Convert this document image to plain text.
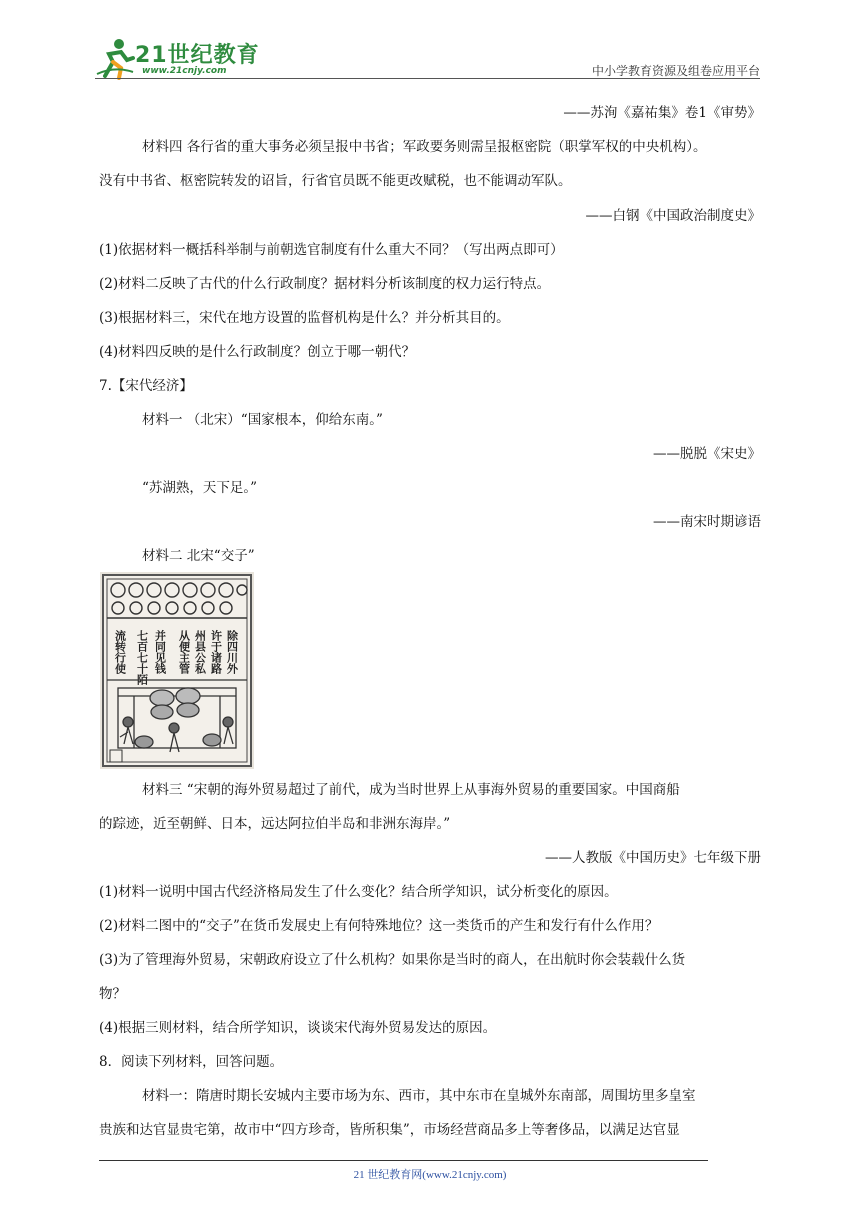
21世纪教育
www.21cnjy.com	中小学教育资源及组卷应用平台
——苏洵《嘉祐集》卷1《审势》
材料四 各行省的重大事务必须呈报中书省；军政要务则需呈报枢密院（职掌军权的中央机构）。
没有中书省、枢密院转发的诏旨，行省官员既不能更改赋税，也不能调动军队。
——白钢《中国政治制度史》
(1)依据材料一概括科举制与前朝选官制度有什么重大不同？（写出两点即可）
(2)材料二反映了古代的什么行政制度？据材料分析该制度的权力运行特点。
(3)根据材料三，宋代在地方设置的监督机构是什么？并分析其目的。
(4)材料四反映的是什么行政制度？创立于哪一朝代？
7.【宋代经济】
材料一 （北宋）“国家根本，仰给东南。”
——脱脱《宋史》
“苏湖熟，天下足。”
——南宋时期谚语
材料二 北宋“交子”
除四川外
许于诸路
州县公私
从便主管
并同见钱
七百七十陌
流转行使
材料三 “宋朝的海外贸易超过了前代，成为当时世界上从事海外贸易的重要国家。中国商船
的踪迹，近至朝鲜、日本，远达阿拉伯半岛和非洲东海岸。”
——人教版《中国历史》七年级下册
(1)材料一说明中国古代经济格局发生了什么变化？结合所学知识，试分析变化的原因。
(2)材料二图中的“交子”在货币发展史上有何特殊地位？这一类货币的产生和发行有什么作用？
(3)为了管理海外贸易，宋朝政府设立了什么机构？如果你是当时的商人，在出航时你会装载什么货
物？
(4)根据三则材料，结合所学知识，谈谈宋代海外贸易发达的原因。
8．阅读下列材料，回答问题。
材料一：隋唐时期长安城内主要市场为东、西市，其中东市在皇城外东南部，周围坊里多皇室
贵族和达官显贵宅第，故市中“四方珍奇，皆所积集”，市场经营商品多上等奢侈品，以满足达官显
21 世纪教育网(www.21cnjy.com)
